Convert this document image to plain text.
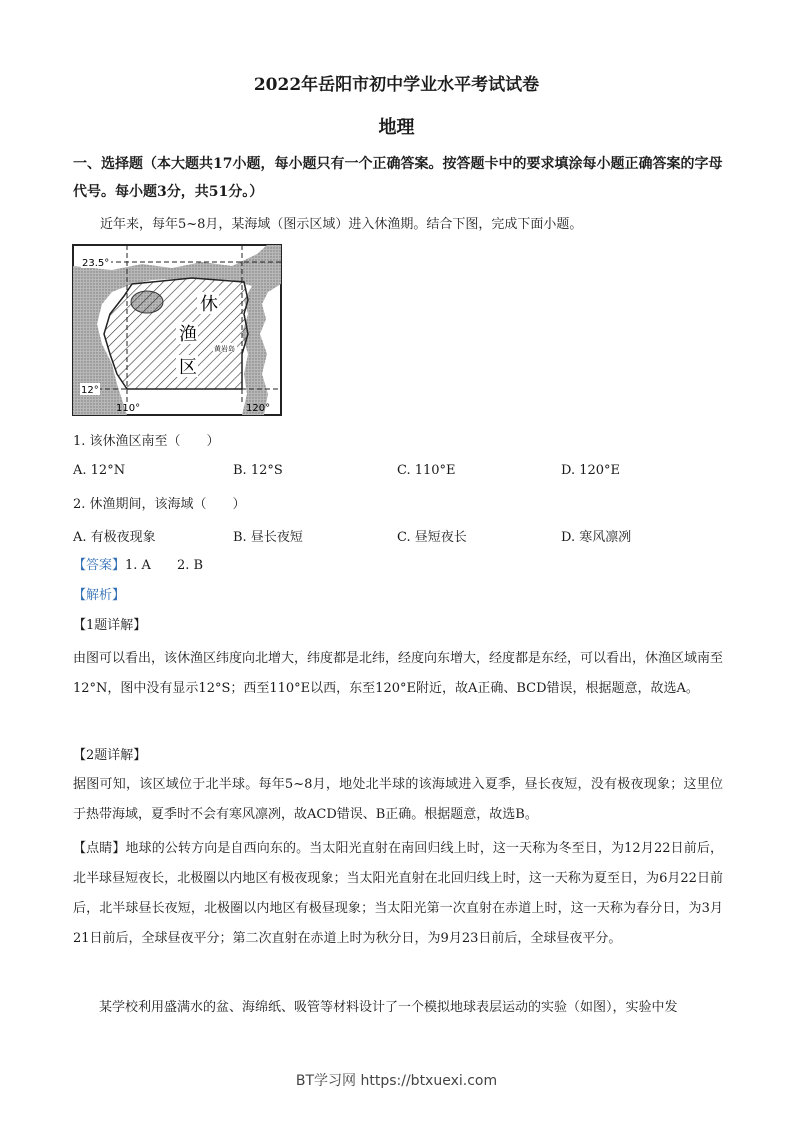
2022年岳阳市初中学业水平考试试卷
地理
一、选择题（本大题共17小题，每小题只有一个正确答案。按答题卡中的要求填涂每小题正确答案的字母代号。每小题3分，共51分。）
近年来，每年5~8月，某海域（图示区域）进入休渔期。结合下图，完成下面小题。
23.5°
12°
110°	120°
休
渔
区
黄岩岛
1. 该休渔区南至（　　）
A. 12°N	B. 12°S	C. 110°E	D. 120°E
2. 休渔期间，该海域（　　）
A. 有极夜现象	B. 昼长夜短	C. 昼短夜长	D. 寒风凛冽
【答案】1. A　　2. B
【解析】
【1题详解】
由图可以看出，该休渔区纬度向北增大，纬度都是北纬，经度向东增大，经度都是东经，可以看出，休渔区域南至12°N，图中没有显示12°S；西至110°E以西，东至120°E附近，故A正确、BCD错误，根据题意，故选A。
【2题详解】
据图可知，该区域位于北半球。每年5~8月，地处北半球的该海域进入夏季，昼长夜短，没有极夜现象；这里位于热带海域，夏季时不会有寒风凛冽，故ACD错误、B正确。根据题意，故选B。
【点睛】地球的公转方向是自西向东的。当太阳光直射在南回归线上时，这一天称为冬至日，为12月22日前后，北半球昼短夜长，北极圈以内地区有极夜现象；当太阳光直射在北回归线上时，这一天称为夏至日，为6月22日前后，北半球昼长夜短，北极圈以内地区有极昼现象；当太阳光第一次直射在赤道上时，这一天称为春分日，为3月21日前后，全球昼夜平分；第二次直射在赤道上时为秋分日，为9月23日前后，全球昼夜平分。
某学校利用盛满水的盆、海绵纸、吸管等材料设计了一个模拟地球表层运动的实验（如图），实验中发
BT学习网 https://btxuexi.com
